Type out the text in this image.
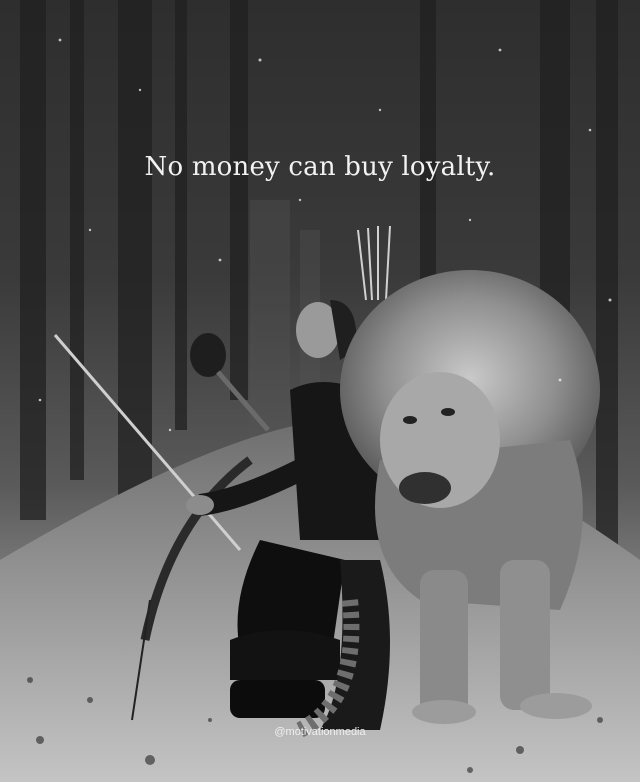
No money can buy loyalty.
@motivationmedia
